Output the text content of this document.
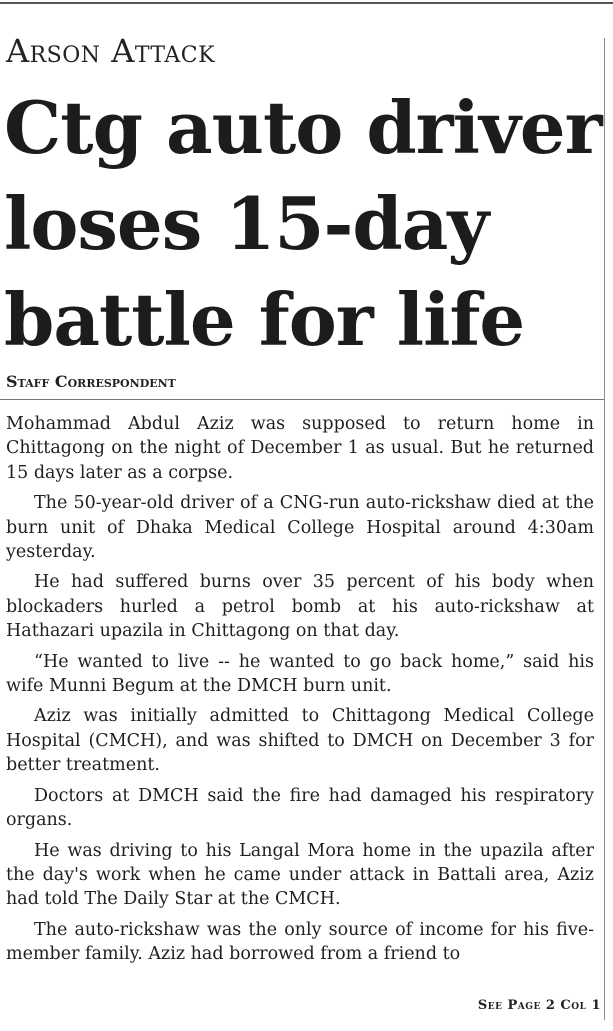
Arson Attack
Ctg auto driver
loses 15-day
battle for life
Staff Correspondent

Mohammad Abdul Aziz was supposed to return home in Chittagong on the night of December 1 as usual. But he returned 15 days later as a corpse.

The 50-year-old driver of a CNG-run auto-rickshaw died at the burn unit of Dhaka Medical College Hospital around 4:30am yesterday.

He had suffered burns over 35 percent of his body when blockaders hurled a petrol bomb at his auto-rickshaw at Hathazari upazila in Chittagong on that day.

“He wanted to live -- he wanted to go back home,” said his wife Munni Begum at the DMCH burn unit.

Aziz was initially admitted to Chittagong Medical College Hospital (CMCH), and was shifted to DMCH on December 3 for better treatment.

Doctors at DMCH said the fire had damaged his respiratory organs.

He was driving to his Langal Mora home in the upazila after the day's work when he came under attack in Battali area, Aziz had told The Daily Star at the CMCH.

The auto-rickshaw was the only source of income for his five-member family. Aziz had borrowed from a friend to

See Page 2 Col 1
